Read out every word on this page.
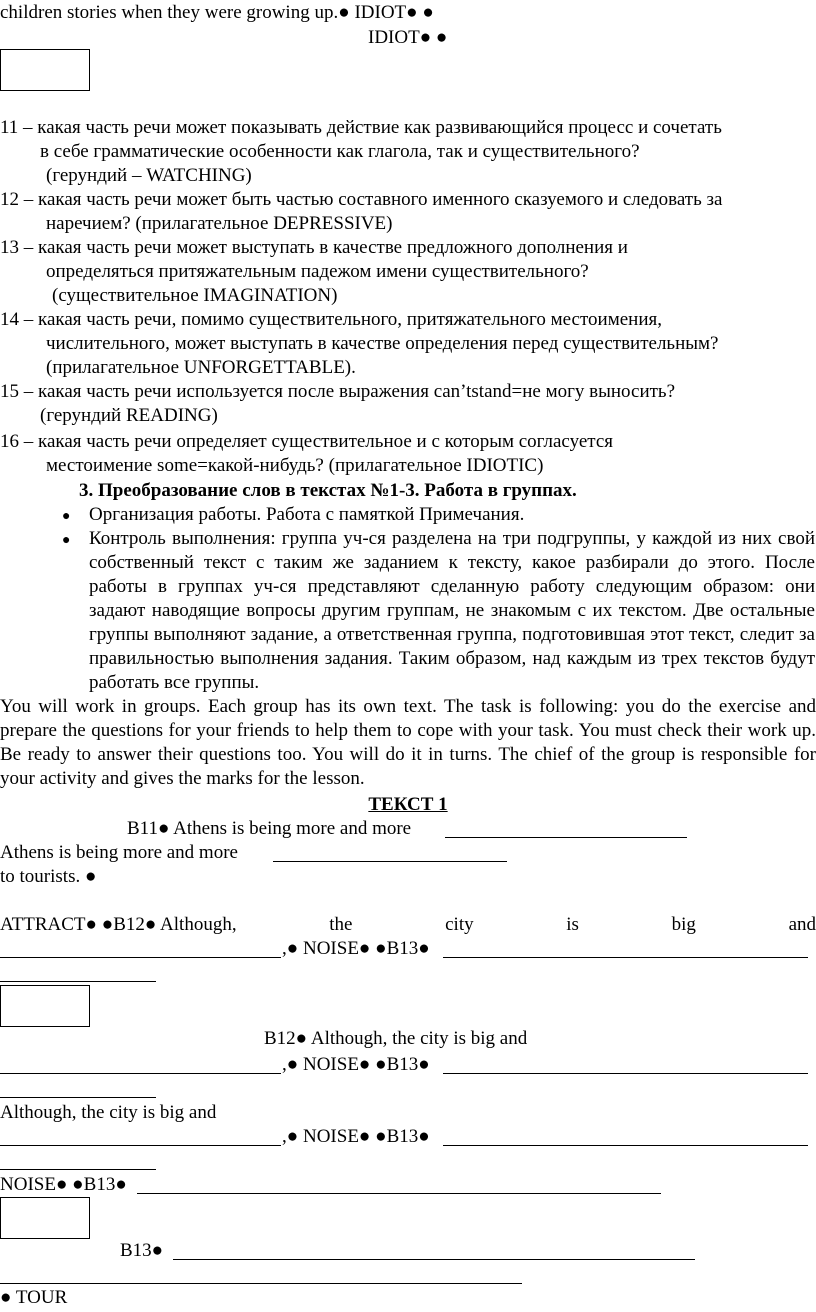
children stories when they were growing up.● IDIOT● ●
IDIOT● ●
11 – какая часть речи может показывать действие как развивающийся процесс и сочетать
в себе грамматические особенности как глагола, так и существительного?
(герундий – WATCHING)
12 – какая часть речи может быть частью составного именного сказуемого и следовать за
наречием? (прилагательное DEPRESSIVE)
13 – какая часть речи может выступать в качестве предложного дополнения и
определяться притяжательным падежом имени существительного?
(существительное IMAGINATION)
14 – какая часть речи, помимо существительного, притяжательного местоимения,
числительного, может выступать в качестве определения перед существительным?
(прилагательное UNFORGETTABLE).
15 – какая часть речи используется после выражения can’tstand=не могу выносить?
(герундий READING)
16 – какая часть речи определяет существительное и с которым согласуется
местоимение some=какой-нибудь? (прилагательное IDIOTIC)
3. Преобразование слов в текстах №1-3. Работа в группах.
● Организация работы. Работа с памяткой Примечания.
● Контроль выполнения: группа уч-ся разделена на три подгруппы, у каждой из них свой собственный текст с таким же заданием к тексту, какое разбирали до этого. После работы в группах уч-ся представляют сделанную работу следующим образом: они задают наводящие вопросы другим группам, не знакомым с их текстом. Две остальные группы выполняют задание, а ответственная группа, подготовившая этот текст, следит за правильностью выполнения задания. Таким образом, над каждым из трех текстов будут работать все группы.
You will work in groups. Each group has its own text. The task is following: you do the exercise and prepare the questions for your friends to help them to cope with your task. You must check their work up. Be ready to answer their questions too. You will do it in turns. The chief of the group is responsible for your activity and gives the marks for the lesson.
ТЕКСТ 1
B11● Athens is being more and more
Athens is being more and more
to tourists. ●
ATTRACT● ●B12● Although,	the	city	is	big	and
,● NOISE● ●B13●
B12● Although, the city is big and
,● NOISE● ●B13●
Although, the city is big and
,● NOISE● ●B13●
NOISE● ●B13●
B13●
● TOUR
